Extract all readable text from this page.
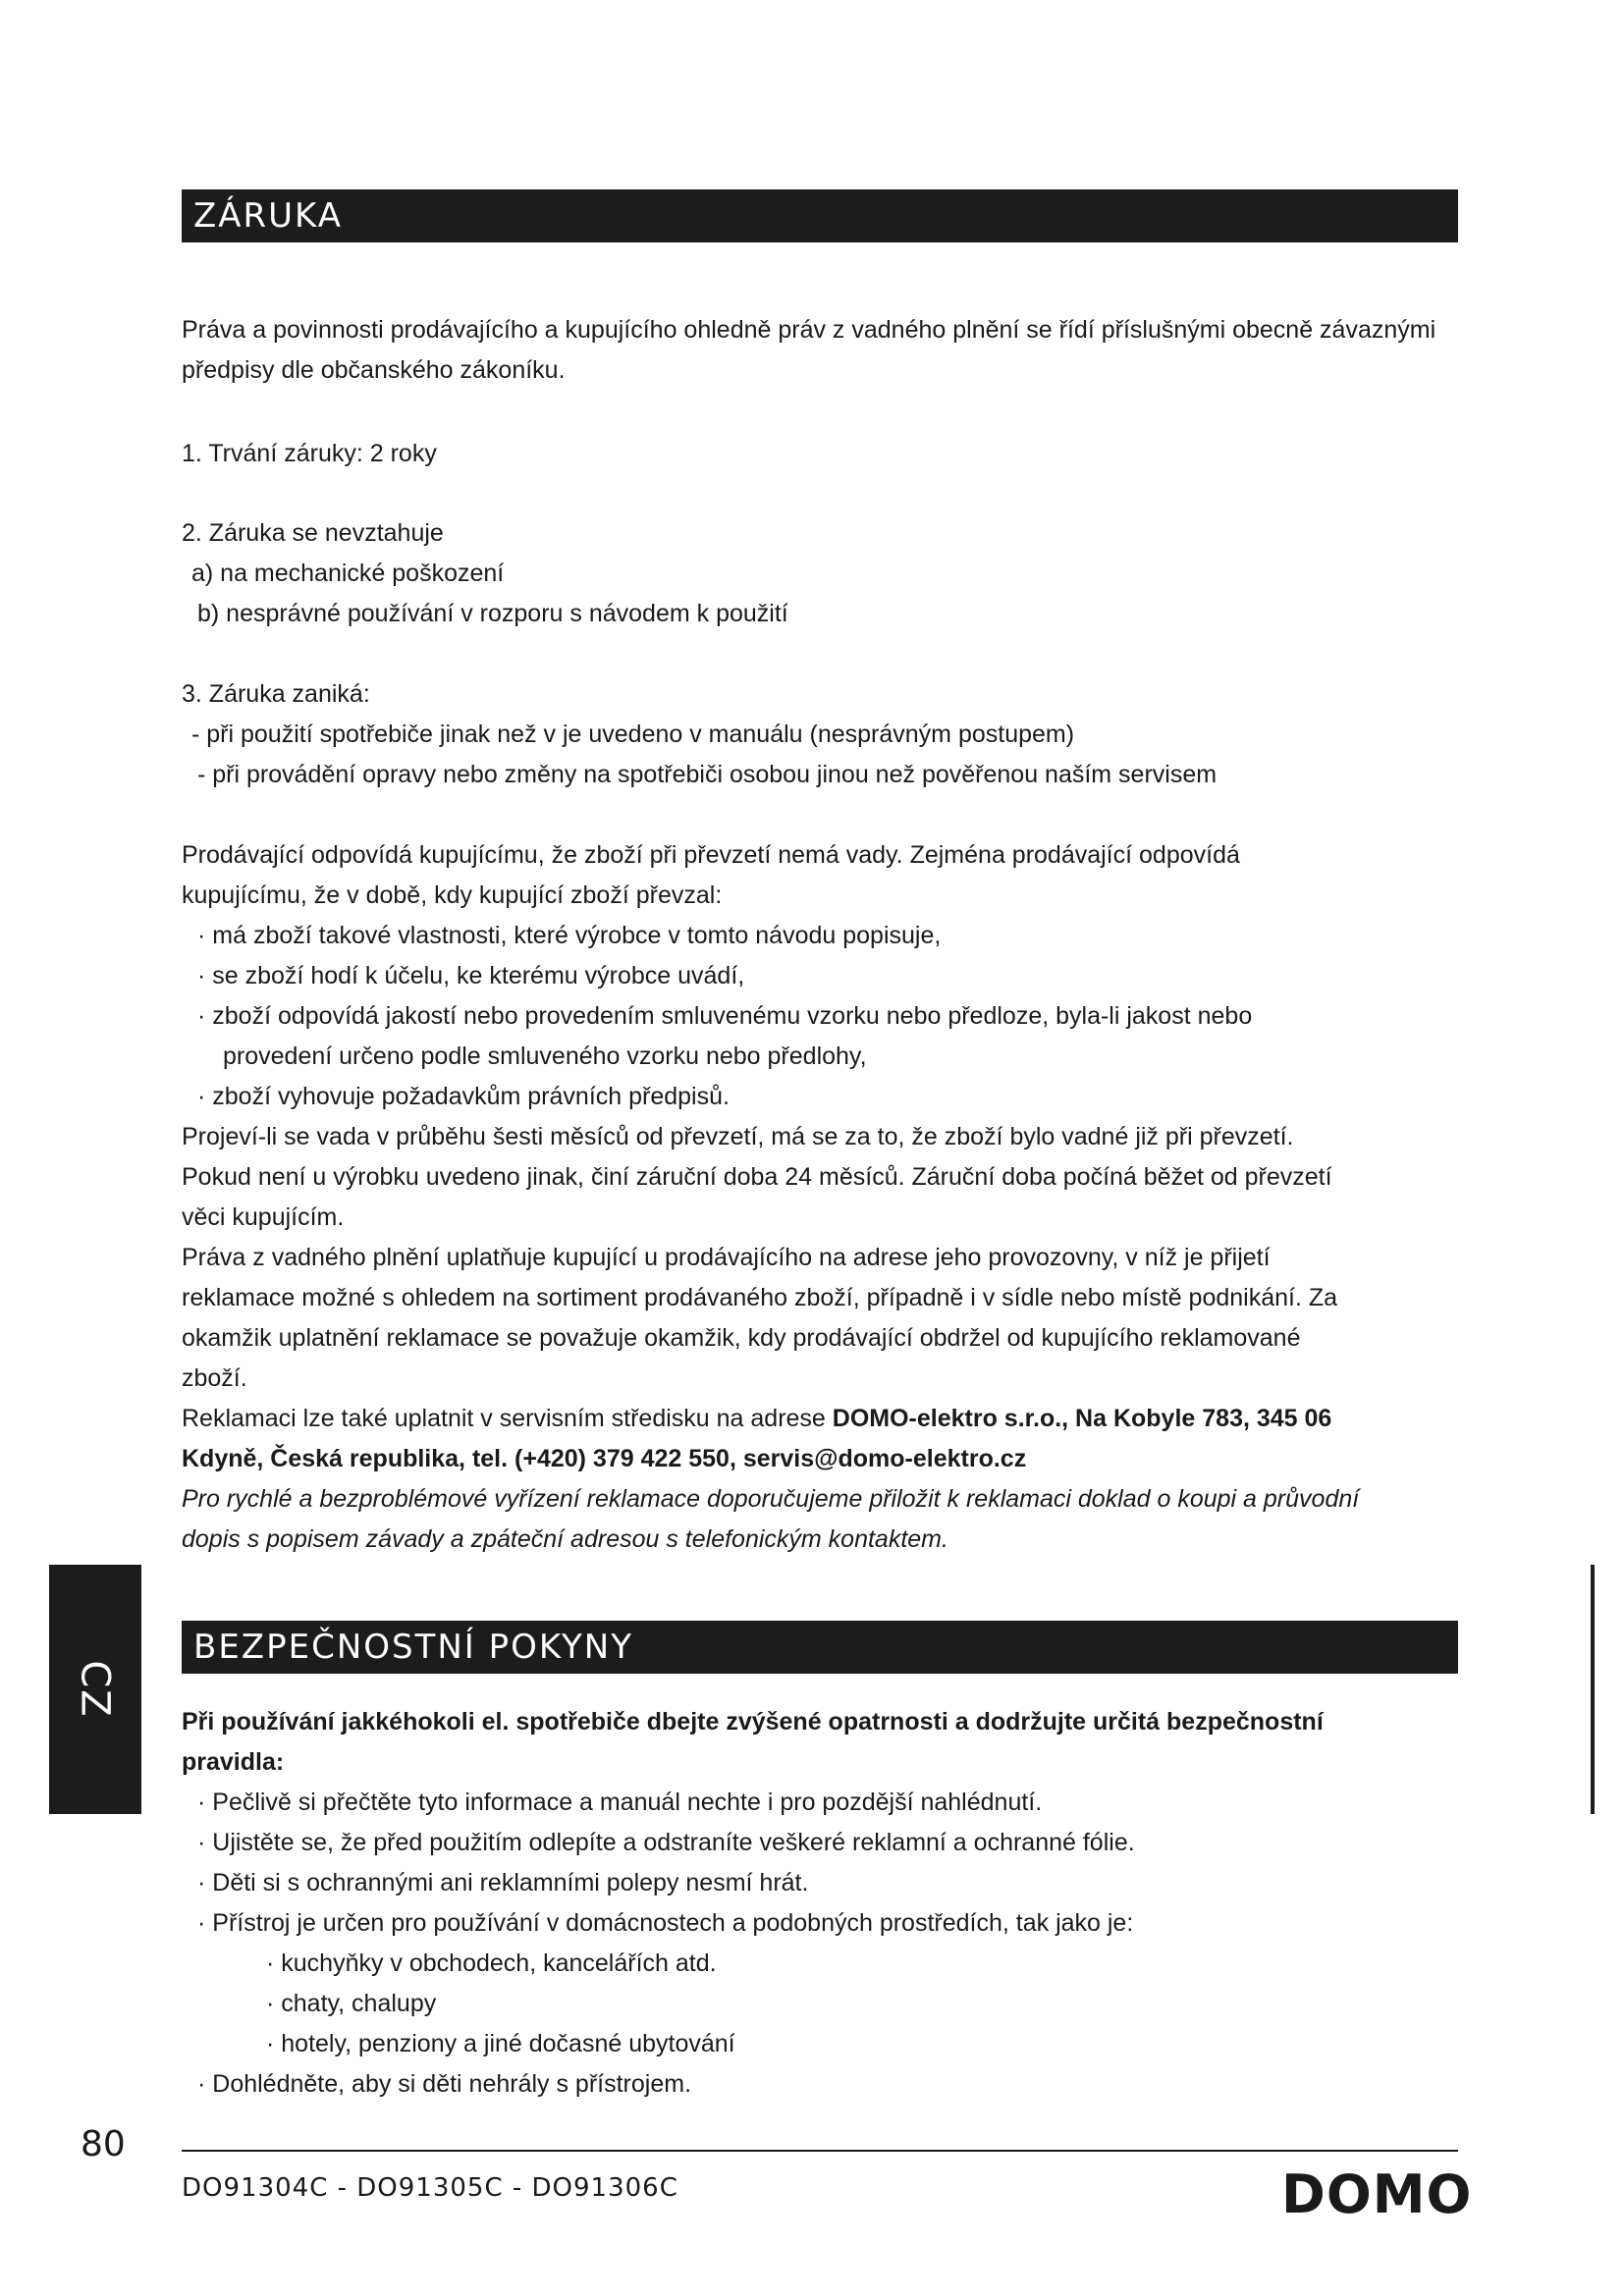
ZÁRUKA
Práva a povinnosti prodávajícího a kupujícího ohledně práv z vadného plnění se řídí příslušnými obecně závaznými předpisy dle občanského zákoníku.

1. Trvání záruky: 2 roky

2. Záruka se nevztahuje

a) na mechanické poškození

b) nesprávné používání v rozporu s návodem k použití

3. Záruka zaniká:

- při použití spotřebiče jinak než v je uvedeno v manuálu (nesprávným postupem)

- při provádění opravy nebo změny na spotřebiči osobou jinou než pověřenou naším servisem

Prodávající odpovídá kupujícímu, že zboží při převzetí nemá vady. Zejména prodávající odpovídá

kupujícímu, že v době, kdy kupující zboží převzal:

· má zboží takové vlastnosti, které výrobce v tomto návodu popisuje,

· se zboží hodí k účelu, ke kterému výrobce uvádí,

· zboží odpovídá jakostí nebo provedením smluvenému vzorku nebo předloze, byla-li jakost nebo

provedení určeno podle smluveného vzorku nebo předlohy,

· zboží vyhovuje požadavkům právních předpisů.

Projeví-li se vada v průběhu šesti měsíců od převzetí, má se za to, že zboží bylo vadné již při převzetí.

Pokud není u výrobku uvedeno jinak, činí záruční doba 24 měsíců. Záruční doba počíná běžet od převzetí

věci kupujícím.

Práva z vadného plnění uplatňuje kupující u prodávajícího na adrese jeho provozovny, v níž je přijetí

reklamace možné s ohledem na sortiment prodávaného zboží, případně i v sídle nebo místě podnikání. Za

okamžik uplatnění reklamace se považuje okamžik, kdy prodávající obdržel od kupujícího reklamované

zboží.

Reklamaci lze také uplatnit v servisním středisku na adrese DOMO-elektro s.r.o., Na Kobyle 783, 345 06

Kdyně, Česká republika, tel. (+420) 379 422 550, servis@domo-elektro.cz

Pro rychlé a bezproblémové vyřízení reklamace doporučujeme přiložit k reklamaci doklad o koupi a průvodní

dopis s popisem závady a zpáteční adresou s telefonickým kontaktem.

CZ
BEZPEČNOSTNÍ POKYNY

Při používání jakkéhokoli el. spotřebiče dbejte zvýšené opatrnosti a dodržujte určitá bezpečnostní

pravidla:

· Pečlivě si přečtěte tyto informace a manuál nechte i pro pozdější nahlédnutí.

· Ujistěte se, že před použitím odlepíte a odstraníte veškeré reklamní a ochranné fólie.

· Děti si s ochrannými ani reklamními polepy nesmí hrát.

· Přístroj je určen pro používání v domácnostech a podobných prostředích, tak jako je:

· kuchyňky v obchodech, kancelářích atd.

· chaty, chalupy

· hotely, penziony a jiné dočasné ubytování

· Dohlédněte, aby si děti nehrály s přístrojem.

80
DO91304C - DO91305C - DO91306C	DOMO
